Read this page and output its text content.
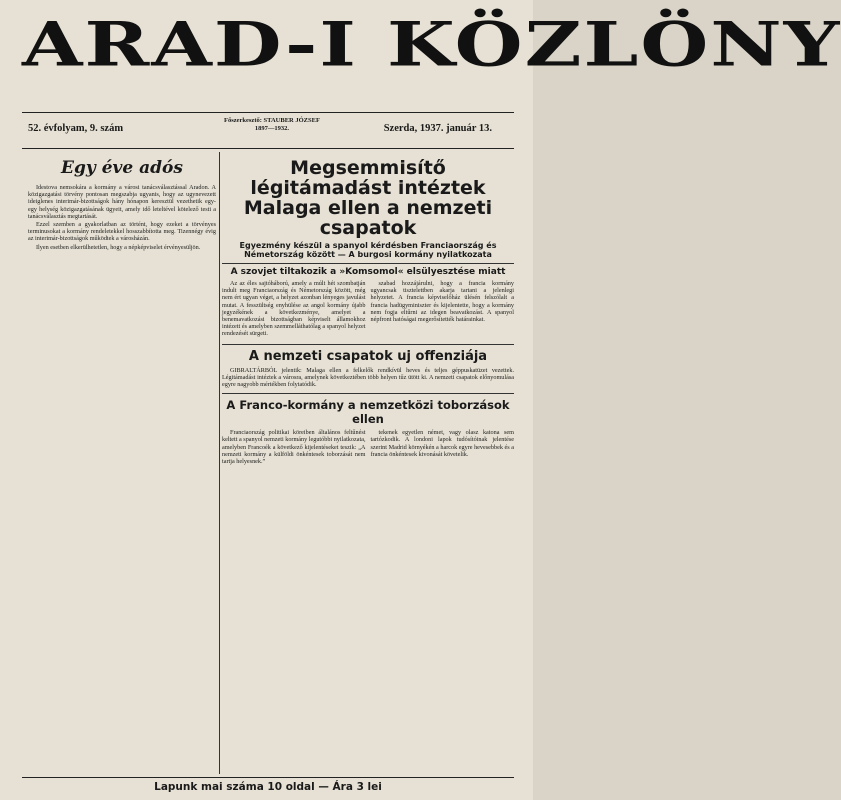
ARAD-I KÖZLÖNY
52. évfolyam, 9. szám
Főszerkesztő: STAUBER JÓZSEF
1897—1932.	Szerda, 1937. január 13.
Egy éve adós

Idestova nemsokára a kormány a városi tanácsválasztással Aradon. A közigazgatási törvény pontosan megszabja ugyanis, hogy az ugynevezett ideiglenes interimár-bizottságok hány hónapon keresztül vezethetik egy-egy helység közigazgatásának ügyeit, amely idő leteltével kötelező testi a tanácsválasztás megtartását.

Ezzel szemben a gyakorlatban az történt, hogy ezeket a törvényes terminusokat a kormány rendeletekkel hosszabbította meg. Tizennégy évig az interimár-bizottságok működtek a városházán.

Ilyen esetben elkerülhetetlen, hogy a népképviselet érvényesüljön.

Megsemmisítő légitámadást intéztek Malaga ellen a nemzeti csapatok
Egyezmény készül a spanyol kérdésben Franciaország és Németország között — A burgosi kormány nyilatkozata
A szovjet tiltakozik a »Komsomol« elsülyesztése miatt

Az az éles sajtóháború, amely a múlt hét szombatján indult meg Franciaország és Németország között, még nem ért ugyan véget, a helyzet azonban lényeges javulást mutat. A fesszültség enyhülése az angol kormány újabb jegyzékének a következménye, amelyet a benemavatkozási bizottságban képviselt államokhoz intézett és amelyben szemmelláthatólag a spanyol helyzet rendezését sürgeti.

szabad hozzájárulni, hogy a francia kormány ugyancsak tisztelettben akarja tartani a jelenlegi helyzetet. A francia képviselőház ülésén felszólalt a francia hadügyminiszter és kijelentette, hogy a kormány nem fogja eltűrni az idegen beavatkozást. A spanyol népfront hatóságai megerősítették határainkat.

A nemzeti csapatok uj offenziája

GIBRALTÁRBÓL jelentik: Malaga ellen a felkelők rendkívül heves és teljes géppuskatüzet vezettek. Légitámadást intéztek a városra, amelynek következtében több helyen tűz ütött ki. A nemzeti csapatok előnyomulása egyre nagyobb mértékben folytatódik.

A Franco-kormány a nemzetközi toborzások ellen

Franciaország politikai köreiben általános feltűnést keltett a spanyol nemzeti kormány legutóbbi nyilatkozata, amelyben Francoék a következő kijelentéseket teszik: „A nemzeti kormány a külföldi önkéntesek toborzását nem tartja helyesnek.”

tekenek egyetlen német, vagy olasz katona sem tartózkodik. A londoni lapok tudósítóinak jelentése szerint Madrid környékén a harcok egyre hevesebbek és a francia önkéntesek kivonását követelik.

Lapunk mai száma 10 oldal — Ára 3 lei
